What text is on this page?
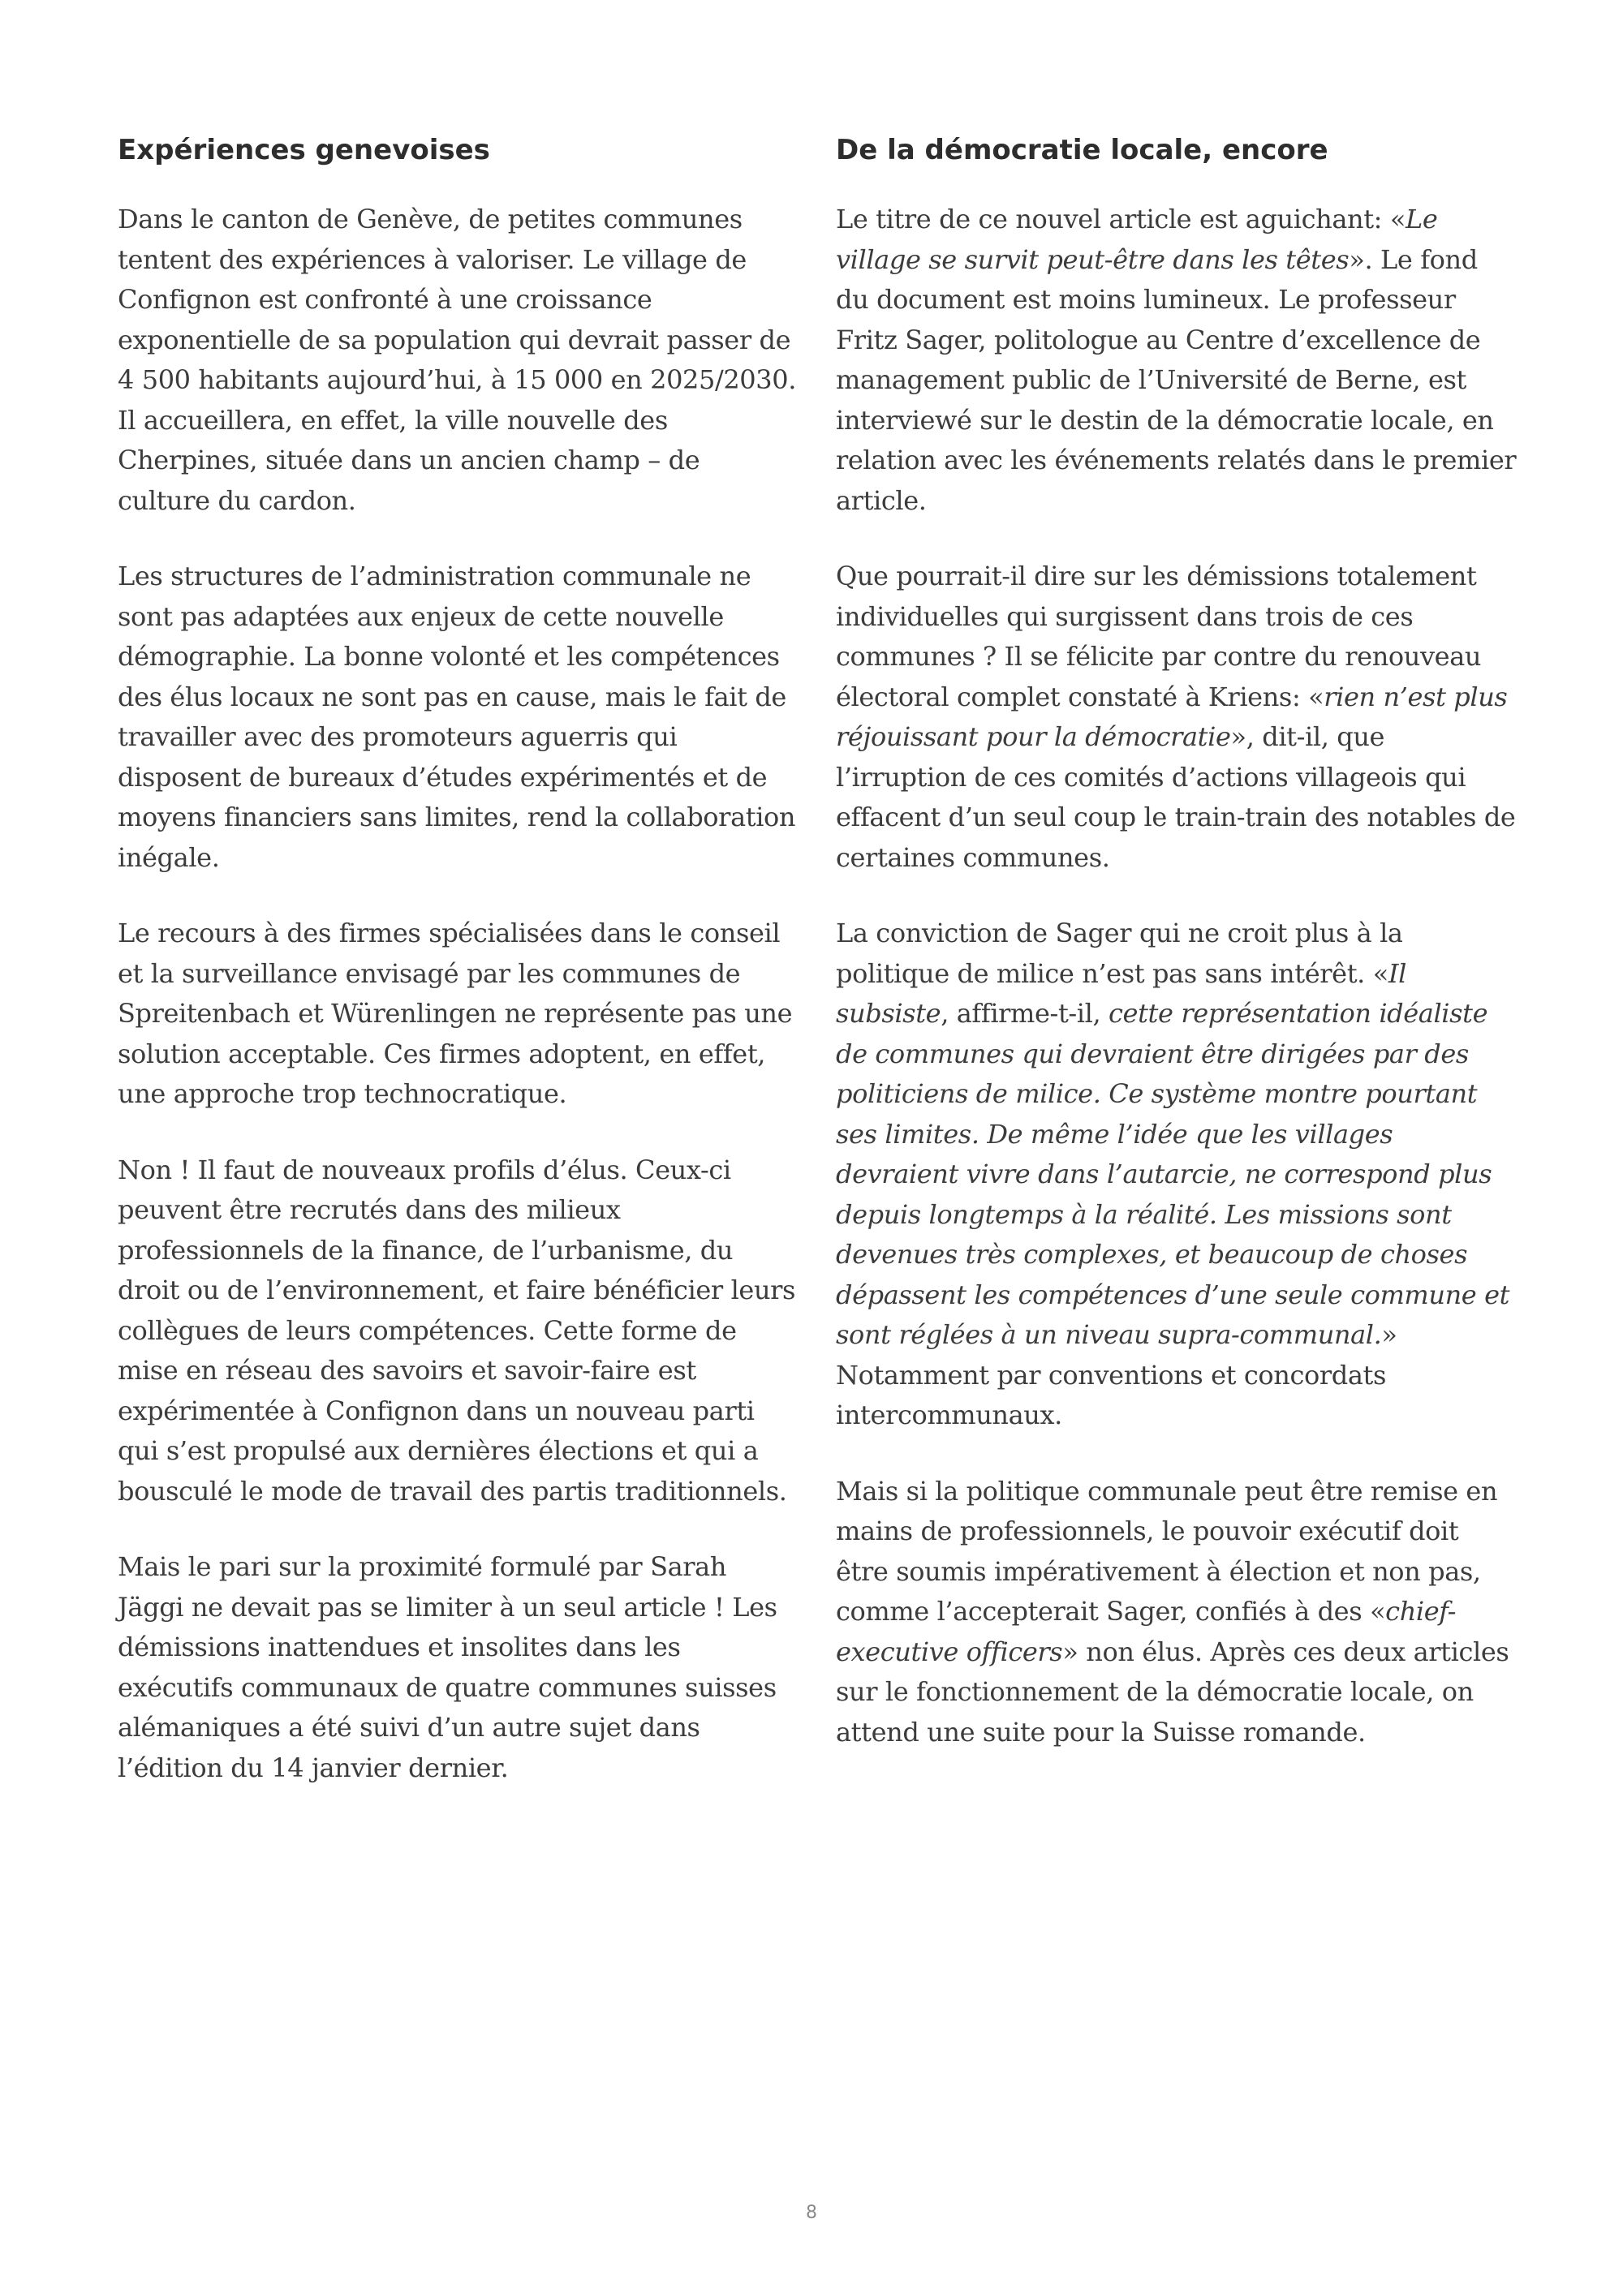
Expériences genevoises

Dans le canton de Genève, de petites communes tentent des expériences à valoriser. Le village de Confignon est confronté à une croissance exponentielle de sa population qui devrait passer de 4 500 habitants aujourd’hui, à 15 000 en 2025/2030. Il accueillera, en effet, la ville nouvelle des Cherpines, située dans un ancien champ – de culture du cardon.

Les structures de l’administration communale ne sont pas adaptées aux enjeux de cette nouvelle démographie. La bonne volonté et les compétences des élus locaux ne sont pas en cause, mais le fait de travailler avec des promoteurs aguerris qui disposent de bureaux d’études expérimentés et de moyens financiers sans limites, rend la collaboration inégale.

Le recours à des firmes spécialisées dans le conseil et la surveillance envisagé par les communes de Spreitenbach et Würenlingen ne représente pas une solution acceptable. Ces firmes adoptent, en effet, une approche trop technocratique.

Non ! Il faut de nouveaux profils d’élus. Ceux-ci peuvent être recrutés dans des milieux professionnels de la finance, de l’urbanisme, du droit ou de l’environnement, et faire bénéficier leurs collègues de leurs compétences. Cette forme de mise en réseau des savoirs et savoir-faire est expérimentée à Confignon dans un nouveau parti qui s’est propulsé aux dernières élections et qui a bousculé le mode de travail des partis traditionnels.

Mais le pari sur la proximité formulé par Sarah Jäggi ne devait pas se limiter à un seul article ! Les démissions inattendues et insolites dans les exécutifs communaux de quatre communes suisses alémaniques a été suivi d’un autre sujet dans l’édition du 14 janvier dernier.

De la démocratie locale, encore

Le titre de ce nouvel article est aguichant: «Le village se survit peut-être dans les têtes». Le fond du document est moins lumineux. Le professeur Fritz Sager, politologue au Centre d’excellence de management public de l’Université de Berne, est interviewé sur le destin de la démocratie locale, en relation avec les événements relatés dans le premier article.

Que pourrait-il dire sur les démissions totalement individuelles qui surgissent dans trois de ces communes ? Il se félicite par contre du renouveau électoral complet constaté à Kriens: «rien n’est plus réjouissant pour la démocratie», dit-il, que l’irruption de ces comités d’actions villageois qui effacent d’un seul coup le train-train des notables de certaines communes.

La conviction de Sager qui ne croit plus à la politique de milice n’est pas sans intérêt. «Il subsiste, affirme-t-il, cette représentation idéaliste de communes qui devraient être dirigées par des politiciens de milice. Ce système montre pourtant ses limites. De même l’idée que les villages devraient vivre dans l’autarcie, ne correspond plus depuis longtemps à la réalité. Les missions sont devenues très complexes, et beaucoup de choses dépassent les compétences d’une seule commune et sont réglées à un niveau supra-communal.» Notamment par conventions et concordats intercommunaux.

Mais si la politique communale peut être remise en mains de professionnels, le pouvoir exécutif doit être soumis impérativement à élection et non pas, comme l’accepterait Sager, confiés à des «chief-executive officers» non élus. Après ces deux articles sur le fonctionnement de la démocratie locale, on attend une suite pour la Suisse romande.

8
